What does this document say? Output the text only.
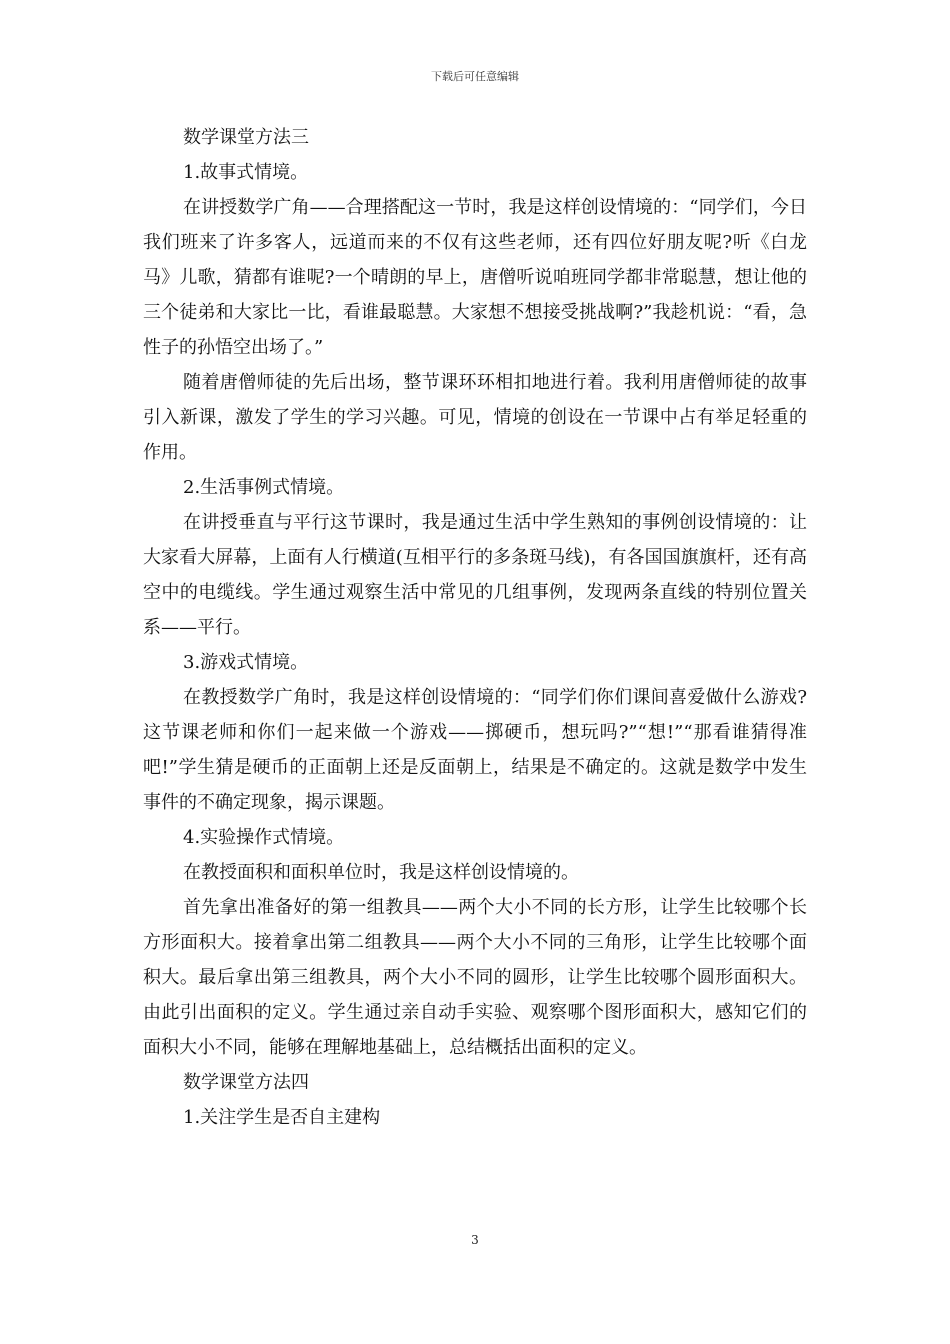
下载后可任意编辑

数学课堂方法三

1.故事式情境。

在讲授数学广角——合理搭配这一节时，我是这样创设情境的：“同学们，今日我们班来了许多客人，远道而来的不仅有这些老师，还有四位好朋友呢?听《白龙马》儿歌，猜都有谁呢?一个晴朗的早上，唐僧听说咱班同学都非常聪慧，想让他的三个徒弟和大家比一比，看谁最聪慧。大家想不想接受挑战啊?”我趁机说：“看，急性子的孙悟空出场了。”

随着唐僧师徒的先后出场，整节课环环相扣地进行着。我利用唐僧师徒的故事引入新课，激发了学生的学习兴趣。可见，情境的创设在一节课中占有举足轻重的作用。

2.生活事例式情境。

在讲授垂直与平行这节课时，我是通过生活中学生熟知的事例创设情境的：让大家看大屏幕，上面有人行横道(互相平行的多条斑马线)，有各国国旗旗杆，还有高空中的电缆线。学生通过观察生活中常见的几组事例，发现两条直线的特别位置关系——平行。

3.游戏式情境。

在教授数学广角时，我是这样创设情境的：“同学们你们课间喜爱做什么游戏?这节课老师和你们一起来做一个游戏——掷硬币，想玩吗?”“想!”“那看谁猜得准吧!”学生猜是硬币的正面朝上还是反面朝上，结果是不确定的。这就是数学中发生事件的不确定现象，揭示课题。

4.实验操作式情境。

在教授面积和面积单位时，我是这样创设情境的。

首先拿出准备好的第一组教具——两个大小不同的长方形，让学生比较哪个长方形面积大。接着拿出第二组教具——两个大小不同的三角形，让学生比较哪个面积大。最后拿出第三组教具，两个大小不同的圆形，让学生比较哪个圆形面积大。由此引出面积的定义。学生通过亲自动手实验、观察哪个图形面积大，感知它们的面积大小不同，能够在理解地基础上，总结概括出面积的定义。

数学课堂方法四

1.关注学生是否自主建构

3
